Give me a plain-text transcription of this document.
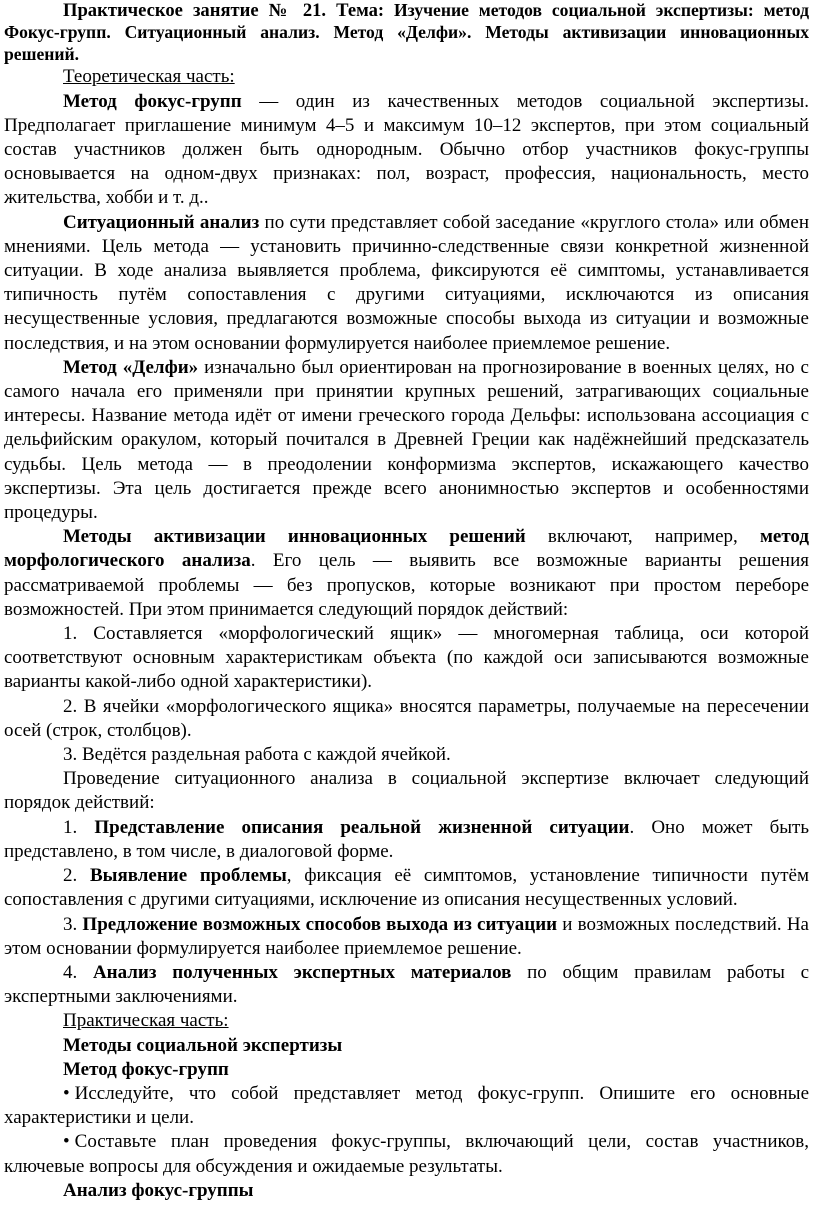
Практическое занятие № 21. Тема: Изучение методов социальной экспертизы: метод Фокус-групп. Ситуационный анализ. Метод «Делфи». Методы активизации инновационных решений.

Теоретическая часть:

Метод фокус-групп — один из качественных методов социальной экспертизы. Предполагает приглашение минимум 4–5 и максимум 10–12 экспертов, при этом социальный состав участников должен быть однородным. Обычно отбор участников фокус-группы основывается на одном-двух признаках: пол, возраст, профессия, национальность, место жительства, хобби и т. д..

Ситуационный анализ по сути представляет собой заседание «круглого стола» или обмен мнениями. Цель метода — установить причинно-следственные связи конкретной жизненной ситуации. В ходе анализа выявляется проблема, фиксируются её симптомы, устанавливается типичность путём сопоставления с другими ситуациями, исключаются из описания несущественные условия, предлагаются возможные способы выхода из ситуации и возможные последствия, и на этом основании формулируется наиболее приемлемое решение.

Метод «Делфи» изначально был ориентирован на прогнозирование в военных целях, но с самого начала его применяли при принятии крупных решений, затрагивающих социальные интересы. Название метода идёт от имени греческого города Дельфы: использована ассоциация с дельфийским оракулом, который почитался в Древней Греции как надёжнейший предсказатель судьбы. Цель метода — в преодолении конформизма экспертов, искажающего качество экспертизы. Эта цель достигается прежде всего анонимностью экспертов и особенностями процедуры.

Методы активизации инновационных решений включают, например, метод морфологического анализа. Его цель — выявить все возможные варианты решения рассматриваемой проблемы — без пропусков, которые возникают при простом переборе возможностей. При этом принимается следующий порядок действий:

1. Составляется «морфологический ящик» — многомерная таблица, оси которой соответствуют основным характеристикам объекта (по каждой оси записываются возможные варианты какой-либо одной характеристики).

2. В ячейки «морфологического ящика» вносятся параметры, получаемые на пересечении осей (строк, столбцов).

3. Ведётся раздельная работа с каждой ячейкой.

Проведение ситуационного анализа в социальной экспертизе включает следующий порядок действий:

1. Представление описания реальной жизненной ситуации. Оно может быть представлено, в том числе, в диалоговой форме.

2. Выявление проблемы, фиксация её симптомов, установление типичности путём сопоставления с другими ситуациями, исключение из описания несущественных условий.

3. Предложение возможных способов выхода из ситуации и возможных последствий. На этом основании формулируется наиболее приемлемое решение.

4. Анализ полученных экспертных материалов по общим правилам работы с экспертными заключениями.

Практическая часть:

Методы социальной экспертизы

Метод фокус-групп

• Исследуйте, что собой представляет метод фокус-групп. Опишите его основные характеристики и цели.

• Составьте план проведения фокус-группы, включающий цели, состав участников, ключевые вопросы для обсуждения и ожидаемые результаты.

Анализ фокус-группы
